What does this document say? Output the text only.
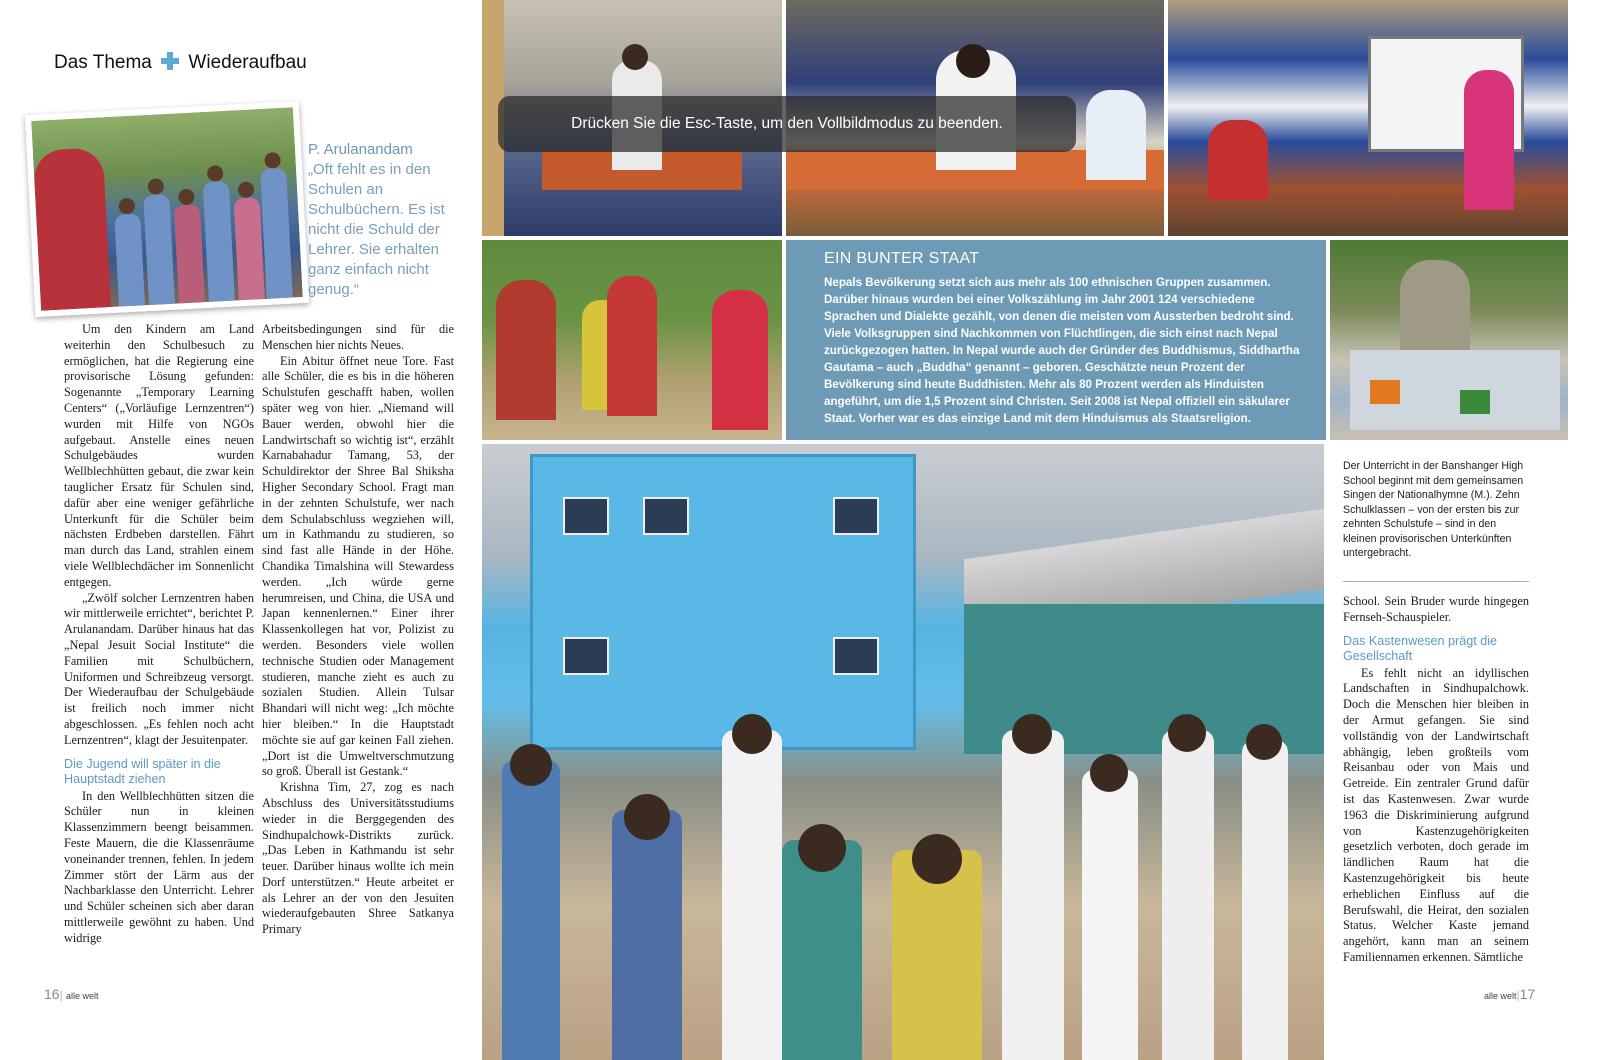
Das Thema Wiederaufbau
P. Arulanandam
„Oft fehlt es in den Schulen an Schulbüchern. Es ist nicht die Schuld der Lehrer. Sie erhalten ganz einfach nicht genug.“

Um den Kindern am Land weiterhin den Schulbesuch zu ermöglichen, hat die Regierung eine provisorische Lösung gefunden: Sogenannte „Temporary Learning Centers“ („Vorläufige Lernzentren“) wurden mit Hilfe von NGOs aufgebaut. Anstelle eines neuen Schulgebäudes wurden Wellblechhütten gebaut, die zwar kein tauglicher Ersatz für Schulen sind, dafür aber eine weniger gefährliche Unterkunft für die Schüler beim nächsten Erdbeben darstellen. Fährt man durch das Land, strahlen einem viele Wellblechdächer im Sonnenlicht entgegen.

„Zwölf solcher Lernzentren haben wir mittlerweile errichtet“, berichtet P. Arulanandam. Darüber hinaus hat das „Nepal Jesuit Social Institute“ die Familien mit Schulbüchern, Uniformen und Schreibzeug versorgt. Der Wiederaufbau der Schulgebäude ist freilich noch immer nicht abgeschlossen. „Es fehlen noch acht Lernzentren“, klagt der Jesuitenpater.

Die Jugend will später in die Hauptstadt ziehen

In den Wellblechhütten sitzen die Schüler nun in kleinen Klassenzimmern beengt beisammen. Feste Mauern, die die Klassenräume voneinander trennen, fehlen. In jedem Zimmer stört der Lärm aus der Nachbarklasse den Unterricht. Lehrer und Schüler scheinen sich aber daran mittlerweile gewöhnt zu haben. Und widrige

Arbeitsbedingungen sind für die Menschen hier nichts Neues.

Ein Abitur öffnet neue Tore. Fast alle Schüler, die es bis in die höheren Schulstufen geschafft haben, wollen später weg von hier. „Niemand will Bauer werden, obwohl hier die Landwirtschaft so wichtig ist“, erzählt Karnabahadur Tamang, 53, der Schuldirektor der Shree Bal Shiksha Higher Secondary School. Fragt man in der zehnten Schulstufe, wer nach dem Schulabschluss wegziehen will, um in Kathmandu zu studieren, so sind fast alle Hände in der Höhe. Chandika Timalshina will Stewardess werden. „Ich würde gerne herumreisen, und China, die USA und Japan kennenlernen.“ Einer ihrer Klassenkollegen hat vor, Polizist zu werden. Besonders viele wollen technische Studien oder Management studieren, manche zieht es auch zu sozialen Studien. Allein Tulsar Bhandari will nicht weg: „Ich möchte hier bleiben.“ In die Hauptstadt möchte sie auf gar keinen Fall ziehen. „Dort ist die Umweltverschmutzung so groß. Überall ist Gestank.“

Krishna Tim, 27, zog es nach Abschluss des Universitätsstudiums wieder in die Berggegenden des Sindhupalchowk-Distrikts zurück. „Das Leben in Kathmandu ist sehr teuer. Darüber hinaus wollte ich mein Dorf unterstützen.“ Heute arbeitet er als Lehrer an der von den Jesuiten wiederaufgebauten Shree Satkanya Primary

Drücken Sie die Esc-Taste, um den Vollbildmodus zu beenden.
EIN BUNTER STAAT

Nepals Bevölkerung setzt sich aus mehr als 100 ethnischen Gruppen zusammen. Darüber hinaus wurden bei einer Volkszählung im Jahr 2001 124 verschiedene Sprachen und Dialekte gezählt, von denen die meisten vom Aussterben bedroht sind. Viele Volksgruppen sind Nachkommen von Flüchtlingen, die sich einst nach Nepal zurückgezogen hatten. In Nepal wurde auch der Gründer des Buddhismus, Siddhartha Gautama – auch „Buddha“ genannt – geboren. Geschätzte neun Prozent der Bevölkerung sind heute Buddhisten. Mehr als 80 Prozent werden als Hinduisten angeführt, um die 1,5 Prozent sind Christen. Seit 2008 ist Nepal offiziell ein säkularer Staat. Vorher war es das einzige Land mit dem Hinduismus als Staatsreligion.

Der Unterricht in der Banshanger High School beginnt mit dem gemeinsamen Singen der Nationalhymne (M.). Zehn Schulklassen – von der ersten bis zur zehnten Schulstufe – sind in den kleinen provisorischen Unterkünften untergebracht.

School. Sein Bruder wurde hingegen Fernseh-Schauspieler.

Das Kastenwesen prägt die Gesellschaft

Es fehlt nicht an idyllischen Landschaften in Sindhupalchowk. Doch die Menschen hier bleiben in der Armut gefangen. Sie sind vollständig von der Landwirtschaft abhängig, leben großteils vom Reisanbau oder von Mais und Getreide. Ein zentraler Grund dafür ist das Kastenwesen. Zwar wurde 1963 die Diskriminierung aufgrund von Kastenzugehörigkeiten gesetzlich verboten, doch gerade im ländlichen Raum hat die Kastenzugehörigkeit bis heute erheblichen Einfluss auf die Berufswahl, die Heirat, den sozialen Status. Welcher Kaste jemand angehört, kann man an seinem Familiennamen erkennen. Sämtliche

16| alle welt	alle welt|17
